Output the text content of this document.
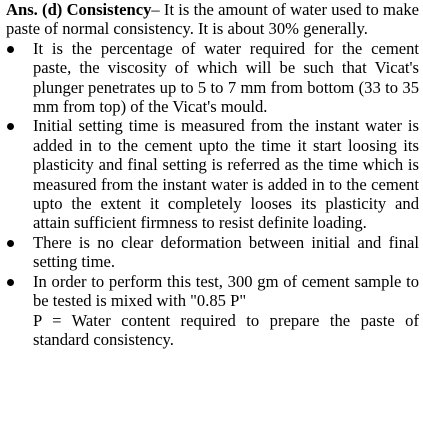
Ans. (d) Consistency– It is the amount of water used to make paste of normal consistency. It is about 30% generally.

It is the percentage of water required for the cement paste, the viscosity of which will be such that Vicat's plunger penetrates up to 5 to 7 mm from bottom (33 to 35 mm from top) of the Vicat's mould.
Initial setting time is measured from the instant water is added in to the cement upto the time it start loosing its plasticity and final setting is referred as the time which is measured from the instant water is added in to the cement upto the extent it completely looses its plasticity and attain sufficient firmness to resist definite loading.
There is no clear deformation between initial and final setting time.
In order to perform this test, 300 gm of cement sample to be tested is mixed with "0.85 P"
P = Water content required to prepare the paste of standard consistency.
